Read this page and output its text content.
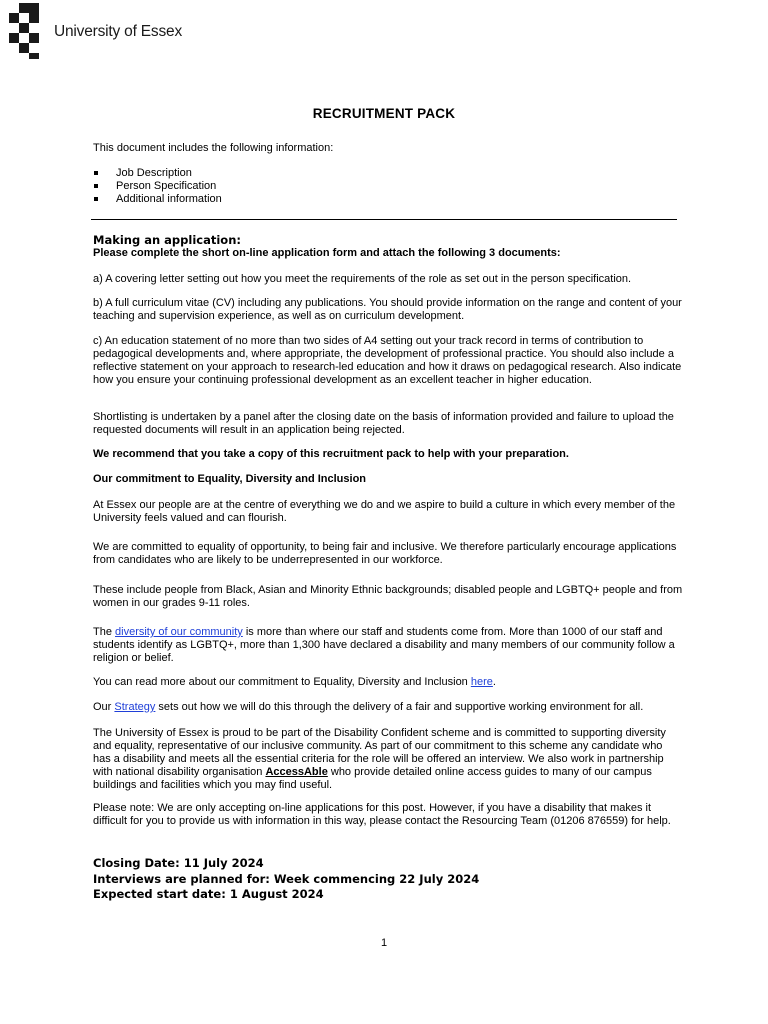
University of Essex
RECRUITMENT PACK
This document includes the following information:
Job Description
Person Specification
Additional information
Making an application:
Please complete the short on-line application form and attach the following 3 documents:
a) A covering letter setting out how you meet the requirements of the role as set out in the person specification.
b) A full curriculum vitae (CV) including any publications. You should provide information on the range and content of your teaching and supervision experience, as well as on curriculum development.
c) An education statement of no more than two sides of A4 setting out your track record in terms of contribution to pedagogical developments and, where appropriate, the development of professional practice. You should also include a reflective statement on your approach to research-led education and how it draws on pedagogical research. Also indicate how you ensure your continuing professional development as an excellent teacher in higher education.
Shortlisting is undertaken by a panel after the closing date on the basis of information provided and failure to upload the requested documents will result in an application being rejected.
We recommend that you take a copy of this recruitment pack to help with your preparation.
Our commitment to Equality, Diversity and Inclusion
At Essex our people are at the centre of everything we do and we aspire to build a culture in which every member of the University feels valued and can flourish.
We are committed to equality of opportunity, to being fair and inclusive. We therefore particularly encourage applications from candidates who are likely to be underrepresented in our workforce.
These include people from Black, Asian and Minority Ethnic backgrounds; disabled people and LGBTQ+ people and from women in our grades 9-11 roles.
The diversity of our community is more than where our staff and students come from. More than 1000 of our staff and students identify as LGBTQ+, more than 1,300 have declared a disability and many members of our community follow a religion or belief.
You can read more about our commitment to Equality, Diversity and Inclusion here.
Our Strategy sets out how we will do this through the delivery of a fair and supportive working environment for all.
The University of Essex is proud to be part of the Disability Confident scheme and is committed to supporting diversity and equality, representative of our inclusive community. As part of our commitment to this scheme any candidate who has a disability and meets all the essential criteria for the role will be offered an interview. We also work in partnership with national disability organisation AccessAble who provide detailed online access guides to many of our campus buildings and facilities which you may find useful.
Please note: We are only accepting on-line applications for this post. However, if you have a disability that makes it difficult for you to provide us with information in this way, please contact the Resourcing Team (01206 876559) for help.
Closing Date: 11 July 2024
Interviews are planned for: Week commencing 22 July 2024
Expected start date: 1 August 2024
1
